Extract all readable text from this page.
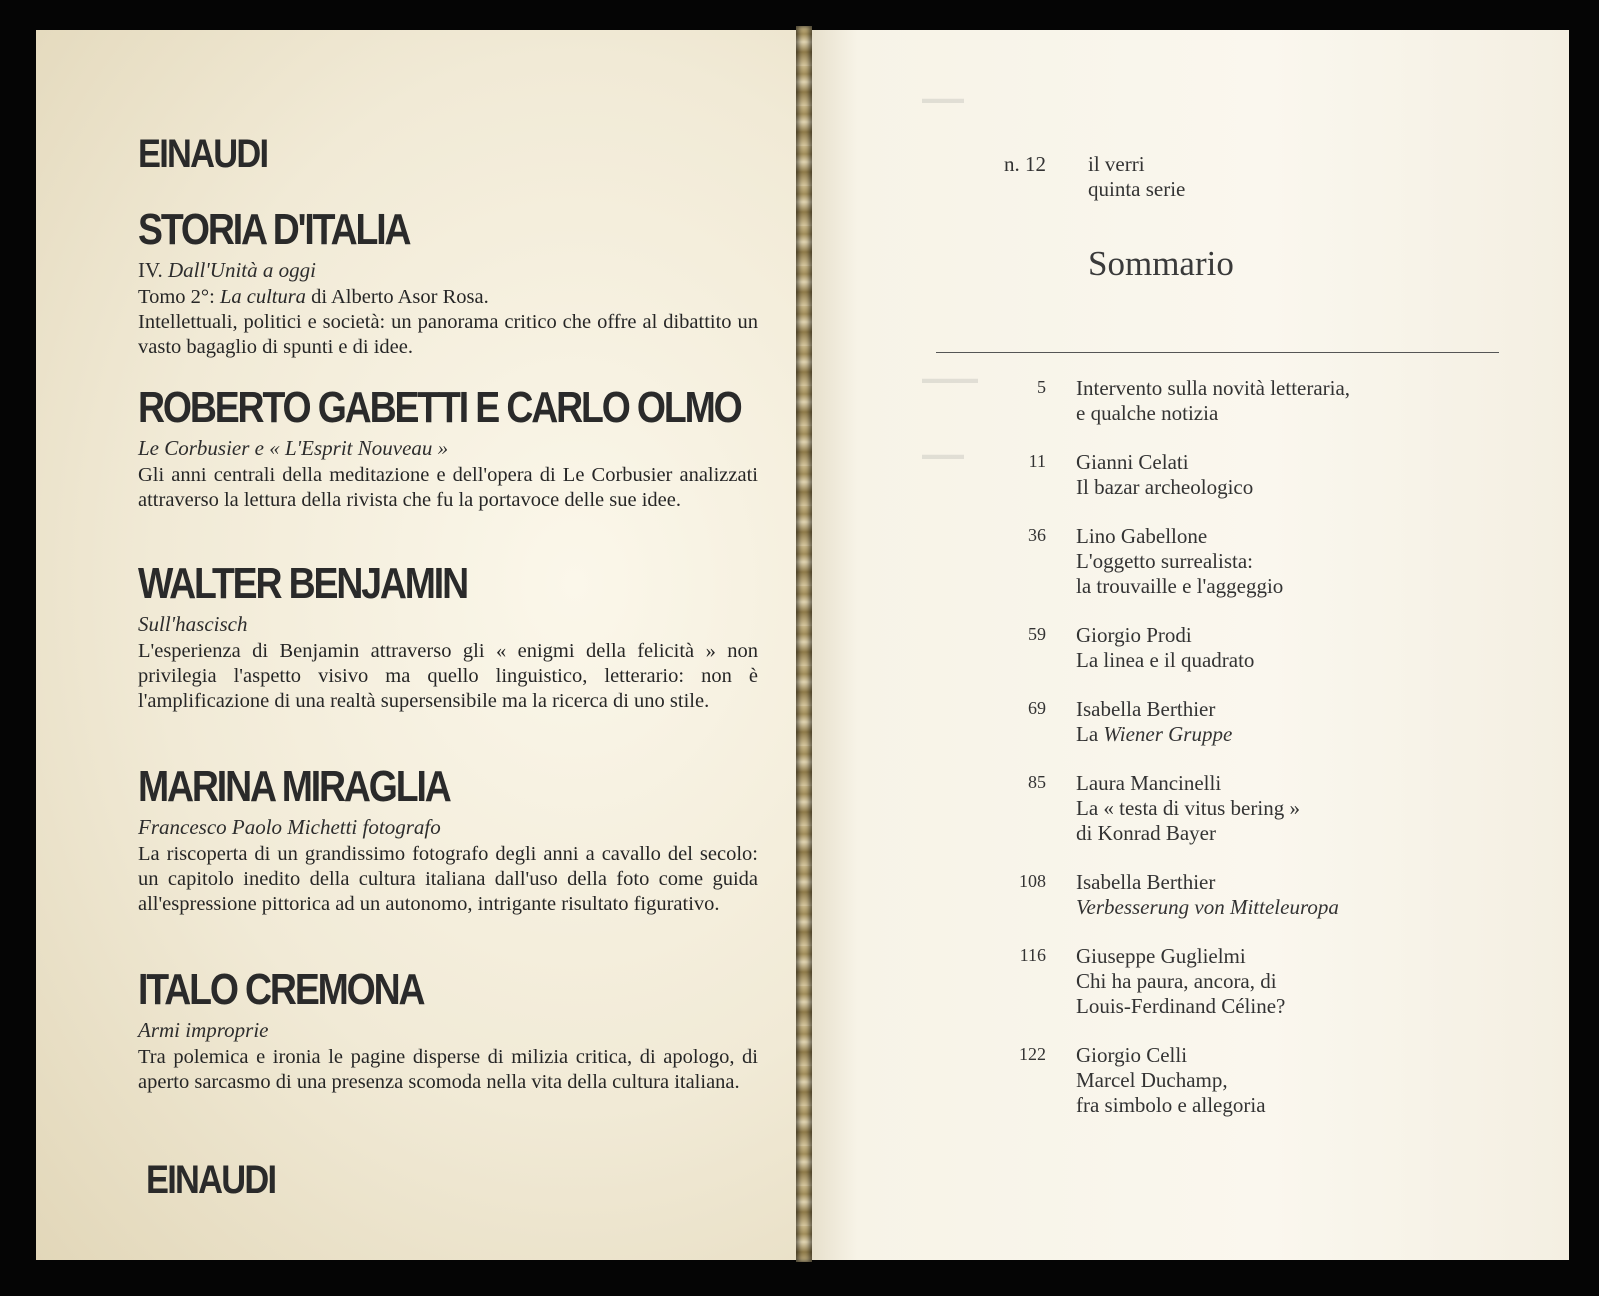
EINAUDI
STORIA D'ITALIA

IV. Dall'Unità a oggi

Tomo 2°: La cultura di Alberto Asor Rosa.

Intellettuali, politici e società: un panorama critico che offre al dibattito un vasto bagaglio di spunti e di idee.

ROBERTO GABETTI E CARLO OLMO

Le Corbusier e « L'Esprit Nouveau »

Gli anni centrali della meditazione e dell'opera di Le Corbusier analizzati attraverso la lettura della rivista che fu la portavoce delle sue idee.
WALTER BENJAMIN

Sull'hascisch

L'esperienza di Benjamin attraverso gli « enigmi della felicità » non privilegia l'aspetto visivo ma quello linguistico, letterario: non è l'amplificazione di una realtà supersensibile ma la ricerca di uno stile.
MARINA MIRAGLIA

Francesco Paolo Michetti fotografo

La riscoperta di un grandissimo fotografo degli anni a cavallo del secolo: un capitolo inedito della cultura italiana dall'uso della foto come guida all'espressione pittorica ad un autonomo, intrigante risultato figurativo.
ITALO CREMONA

Armi improprie

Tra polemica e ironia le pagine disperse di milizia critica, di apologo, di aperto sarcasmo di una presenza scomoda nella vita della cultura italiana.
EINAUDI
▬▬▬
▬▬▬▬
▬▬▬
n. 12 il verri
quinta serie
Sommario
5 Intervento sulla novità letteraria,
e qualche notizia
11 Gianni Celati
Il bazar archeologico
36 Lino Gabellone
L'oggetto surrealista:
la trouvaille e l'aggeggio
59 Giorgio Prodi
La linea e il quadrato
69 Isabella Berthier
La Wiener Gruppe
85 Laura Mancinelli
La « testa di vitus bering »
di Konrad Bayer
108 Isabella Berthier
Verbesserung von Mitteleuropa
116 Giuseppe Guglielmi
Chi ha paura, ancora, di
Louis-Ferdinand Céline?
122 Giorgio Celli
Marcel Duchamp,
fra simbolo e allegoria
